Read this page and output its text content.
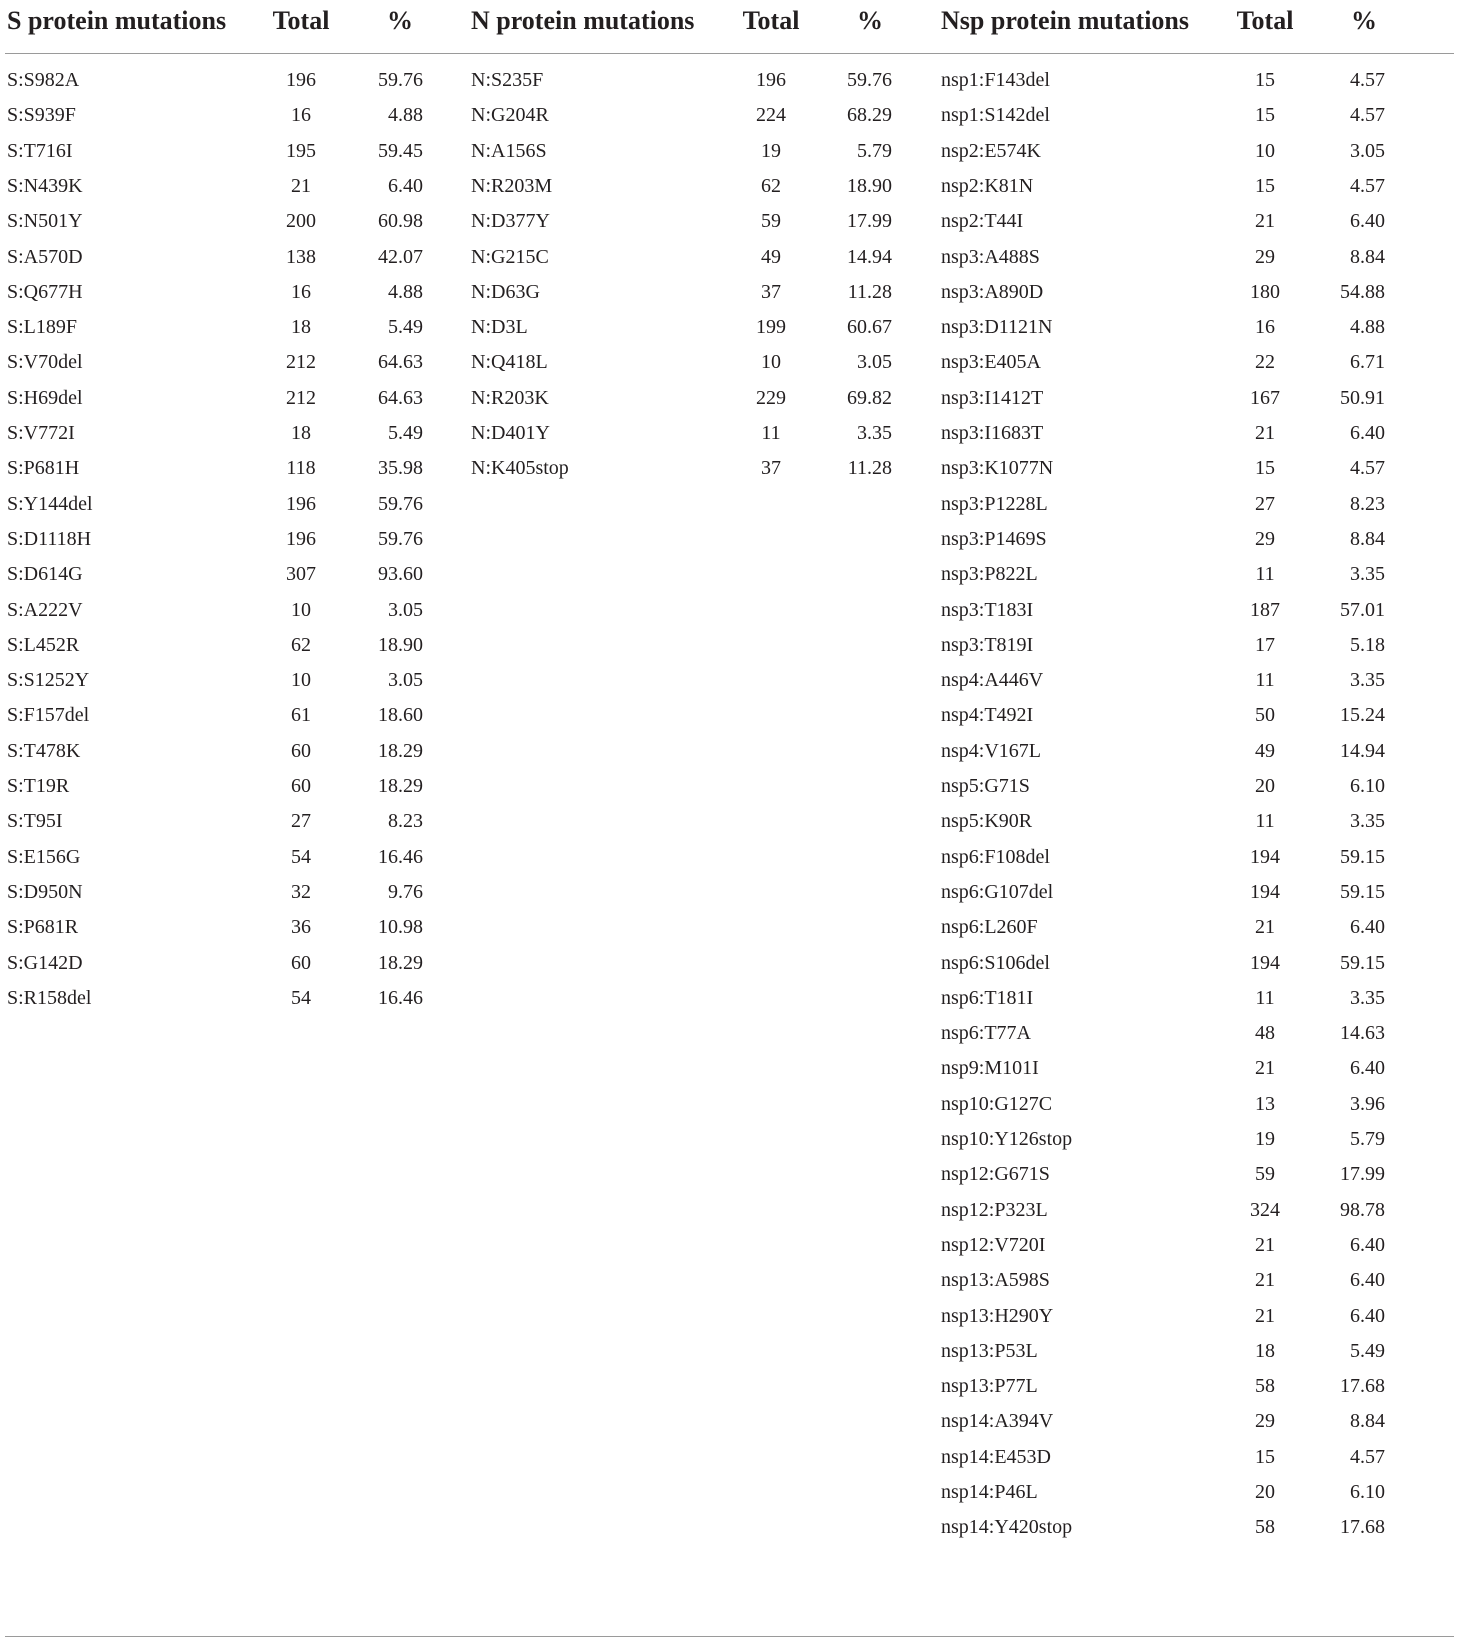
S protein mutations Total %
S:S982A	196	59.76
S:S939F	16	4.88
S:T716I	195	59.45
S:N439K	21	6.40
S:N501Y	200	60.98
S:A570D	138	42.07
S:Q677H	16	4.88
S:L189F	18	5.49
S:V70del	212	64.63
S:H69del	212	64.63
S:V772I	18	5.49
S:P681H	118	35.98
S:Y144del	196	59.76
S:D1118H	196	59.76
S:D614G	307	93.60
S:A222V	10	3.05
S:L452R	62	18.90
S:S1252Y	10	3.05
S:F157del	61	18.60
S:T478K	60	18.29
S:T19R	60	18.29
S:T95I	27	8.23
S:E156G	54	16.46
S:D950N	32	9.76
S:P681R	36	10.98
S:G142D	60	18.29
S:R158del	54	16.46
N protein mutations Total %
N:S235F	196	59.76
N:G204R	224	68.29
N:A156S	19	5.79
N:R203M	62	18.90
N:D377Y	59	17.99
N:G215C	49	14.94
N:D63G	37	11.28
N:D3L	199	60.67
N:Q418L	10	3.05
N:R203K	229	69.82
N:D401Y	11	3.35
N:K405stop	37	11.28
Nsp protein mutations Total %
nsp1:F143del	15	4.57
nsp1:S142del	15	4.57
nsp2:E574K	10	3.05
nsp2:K81N	15	4.57
nsp2:T44I	21	6.40
nsp3:A488S	29	8.84
nsp3:A890D	180	54.88
nsp3:D1121N	16	4.88
nsp3:E405A	22	6.71
nsp3:I1412T	167	50.91
nsp3:I1683T	21	6.40
nsp3:K1077N	15	4.57
nsp3:P1228L	27	8.23
nsp3:P1469S	29	8.84
nsp3:P822L	11	3.35
nsp3:T183I	187	57.01
nsp3:T819I	17	5.18
nsp4:A446V	11	3.35
nsp4:T492I	50	15.24
nsp4:V167L	49	14.94
nsp5:G71S	20	6.10
nsp5:K90R	11	3.35
nsp6:F108del	194	59.15
nsp6:G107del	194	59.15
nsp6:L260F	21	6.40
nsp6:S106del	194	59.15
nsp6:T181I	11	3.35
nsp6:T77A	48	14.63
nsp9:M101I	21	6.40
nsp10:G127C	13	3.96
nsp10:Y126stop	19	5.79
nsp12:G671S	59	17.99
nsp12:P323L	324	98.78
nsp12:V720I	21	6.40
nsp13:A598S	21	6.40
nsp13:H290Y	21	6.40
nsp13:P53L	18	5.49
nsp13:P77L	58	17.68
nsp14:A394V	29	8.84
nsp14:E453D	15	4.57
nsp14:P46L	20	6.10
nsp14:Y420stop	58	17.68
